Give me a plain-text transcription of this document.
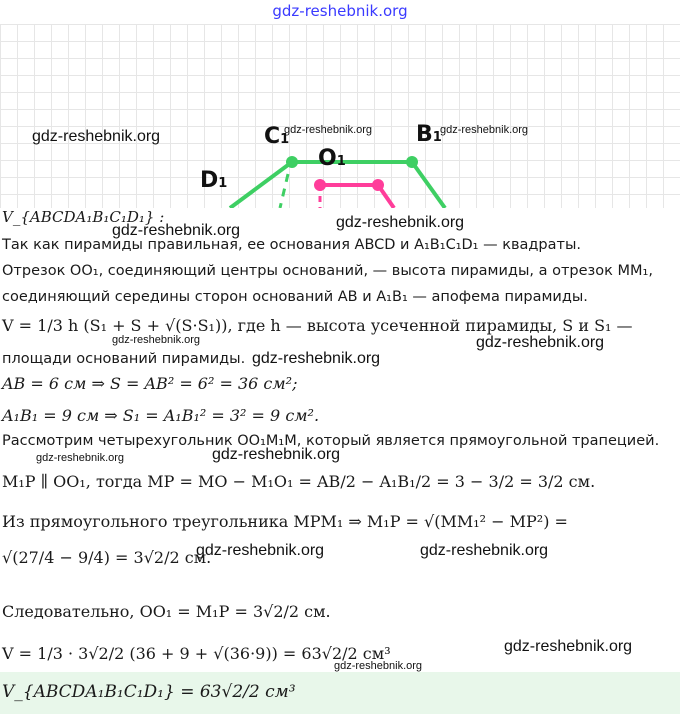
gdz-reshebnik.org
C1	B1
O1
D1
gdz-reshebnik.org	gdz-reshebnik.org	gdz-reshebnik.org
gdz-reshebnik.org	gdz-reshebnik.org
gdz-reshebnik.org	gdz-reshebnik.org
gdz-reshebnik.org
gdz-reshebnik.org	gdz-reshebnik.org
gdz-reshebnik.org	gdz-reshebnik.org
gdz-reshebnik.org
gdz-reshebnik.org
V_{ABCDA₁B₁C₁D₁} :
Так как пирамиды правильная, ее основания ABCD и A₁B₁C₁D₁ — квадраты.
Отрезок OO₁, соединяющий центры оснований, — высота пирамиды, а отрезок MM₁,
соединяющий середины сторон оснований AB и A₁B₁ — апофема пирамиды.
V = 1/3 h (S₁ + S + √(S·S₁)), где h — высота усеченной пирамиды, S и S₁ —
площади оснований пирамиды.
AB = 6 см ⇒ S = AB² = 6² = 36 см²;
A₁B₁ = 9 см ⇒ S₁ = A₁B₁² = 3² = 9 см².
Рассмотрим четырехугольник OO₁M₁M, который является прямоугольной трапецией.
M₁P ∥ OO₁, тогда MP = MO − M₁O₁ = AB/2 − A₁B₁/2 = 3 − 3/2 = 3/2 см.
Из прямоугольного треугольника MPM₁ ⇒ M₁P = √(MM₁² − MP²) =
√(27/4 − 9/4) = 3√2/2 см.
Следовательно, OO₁ = M₁P = 3√2/2 см.
V = 1/3 · 3√2/2 (36 + 9 + √(36·9)) = 63√2/2 см³
V_{ABCDA₁B₁C₁D₁} = 63√2/2 см³
